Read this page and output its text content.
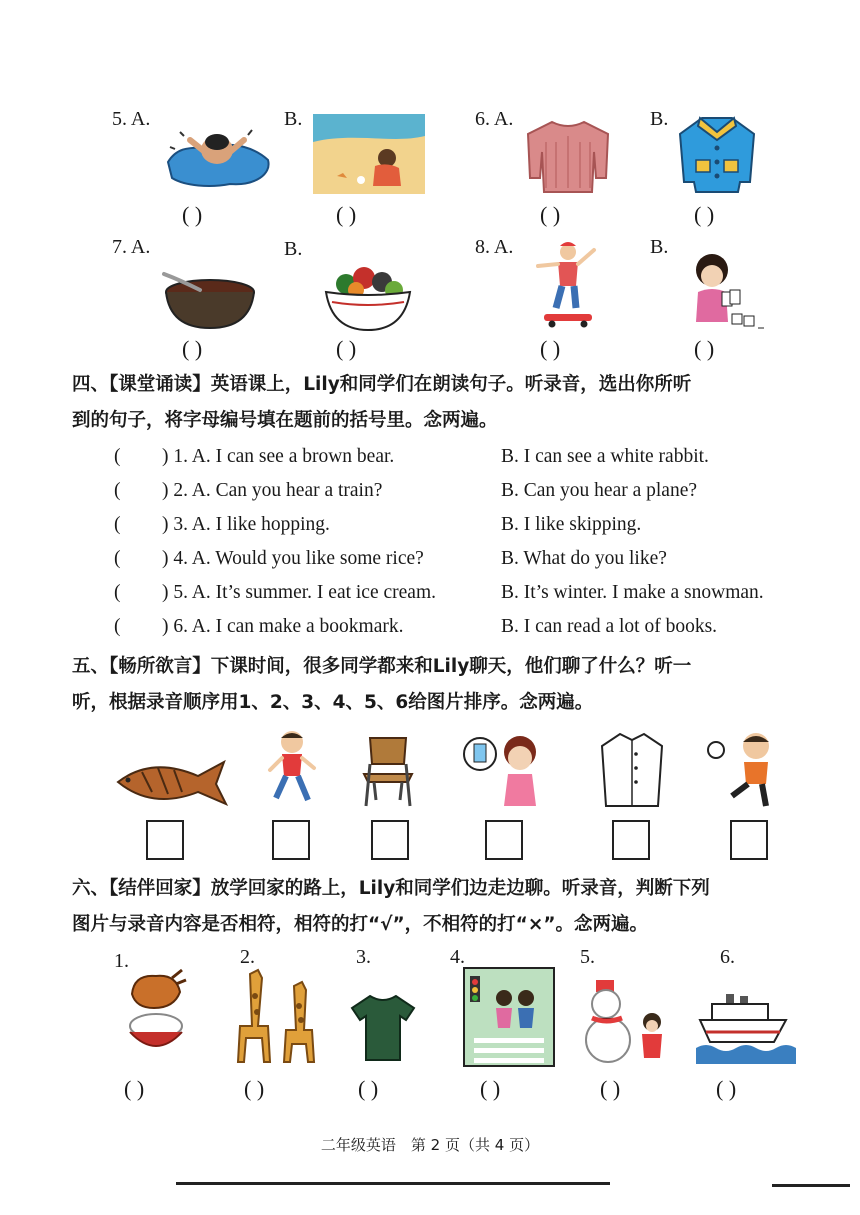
5. A.	B.	6. A.	B.
( )	( )	( )	( )
7. A.	B.	8. A.	B.
( )	( )	( )	( )
四、【课堂诵读】英语课上，Lily和同学们在朗读句子。听录音，选出你所听
到的句子，将字母编号填在题前的括号里。念两遍。
( ) 1. A. I can see a brown bear.	B. I can see a white rabbit.
( ) 2. A. Can you hear a train?	B. Can you hear a plane?
( ) 3. A. I like hopping.	B. I like skipping.
( ) 4. A. Would you like some rice?	B. What do you like?
( ) 5. A. It’s summer. I eat ice cream.	B. It’s winter. I make a snowman.
( ) 6. A. I can make a bookmark.	B. I can read a lot of books.
五、【畅所欲言】下课时间，很多同学都来和Lily聊天，他们聊了什么？听一
听，根据录音顺序用1、2、3、4、5、6给图片排序。念两遍。
六、【结伴回家】放学回家的路上，Lily和同学们边走边聊。听录音，判断下列
图片与录音内容是否相符，相符的打“√”，不相符的打“×”。念两遍。
1.	2.	3.	4.	5.	6.
( )	( )	( )	( )	( )	( )
二年级英语　第 2 页（共 4 页）
